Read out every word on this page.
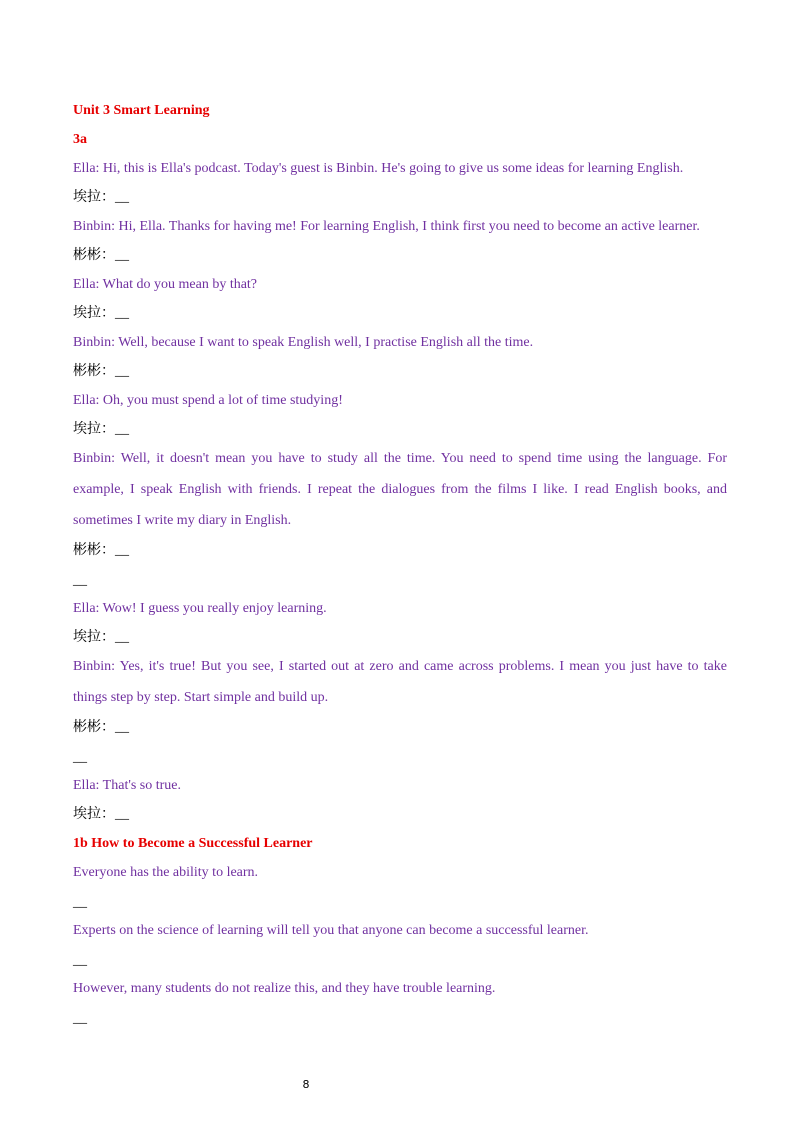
Unit 3 Smart Learning
3a
Ella: Hi, this is Ella's podcast. Today's guest is Binbin. He's going to give us some ideas for learning English.
埃拉：__
Binbin: Hi, Ella. Thanks for having me! For learning English, I think first you need to become an active learner.
彬彬：__
Ella: What do you mean by that?
埃拉：__
Binbin: Well, because I want to speak English well, I practise English all the time.
彬彬：__
Ella: Oh, you must spend a lot of time studying!
埃拉：__
Binbin: Well, it doesn't mean you have to study all the time. You need to spend time using the language. For
example, I speak English with friends. I repeat the dialogues from the films I like. I read English books, and
sometimes I write my diary in English.
彬彬：__
__
Ella: Wow! I guess you really enjoy learning.
埃拉：__
Binbin: Yes, it's true! But you see, I started out at zero and came across problems. I mean you just have to take
things step by step. Start simple and build up.
彬彬：__
__
Ella: That's so true.
埃拉：__
1b How to Become a Successful Learner
Everyone has the ability to learn.
__
Experts on the science of learning will tell you that anyone can become a successful learner.
__
However, many students do not realize this, and they have trouble learning.
__
8
